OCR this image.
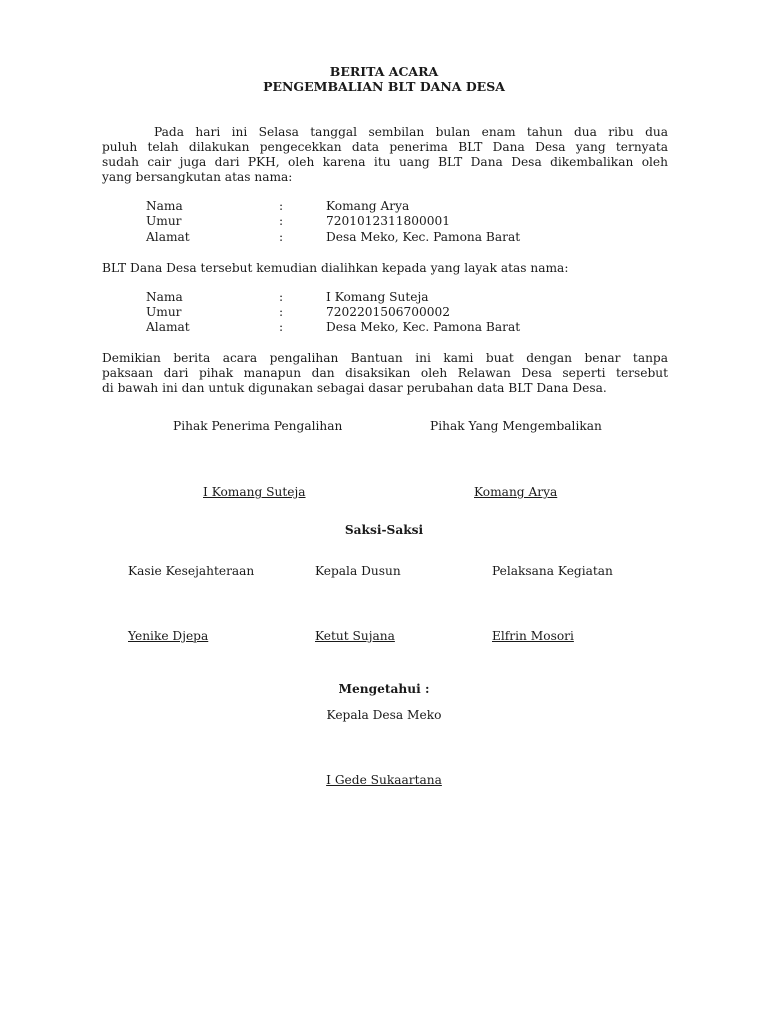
BERITA ACARA
PENGEMBALIAN BLT DANA DESA
Pada hari ini Selasa tanggal sembilan bulan enam tahun dua ribu dua
puluh telah dilakukan pengecekkan data penerima BLT Dana Desa yang ternyata
sudah cair juga dari PKH, oleh karena itu uang BLT Dana Desa dikembalikan oleh
yang bersangkutan atas nama:
Nama	:	Komang Arya
Umur	:	7201012311800001
Alamat	:	Desa Meko, Kec. Pamona Barat
BLT Dana Desa tersebut kemudian dialihkan kepada yang layak atas nama:
Nama	:	I Komang Suteja
Umur	:	7202201506700002
Alamat	:	Desa Meko, Kec. Pamona Barat
Demikian berita acara pengalihan Bantuan ini kami buat dengan benar tanpa
paksaan dari pihak manapun dan disaksikan oleh Relawan Desa seperti tersebut
di bawah ini dan untuk digunakan sebagai dasar perubahan data BLT Dana Desa.
Pihak Penerima Pengalihan	Pihak Yang Mengembalikan
I Komang Suteja	Komang Arya
Saksi-Saksi
Kasie Kesejahteraan	Kepala Dusun	Pelaksana Kegiatan
Yenike Djepa	Ketut Sujana	Elfrin Mosori
Mengetahui :
Kepala Desa Meko
I Gede Sukaartana
